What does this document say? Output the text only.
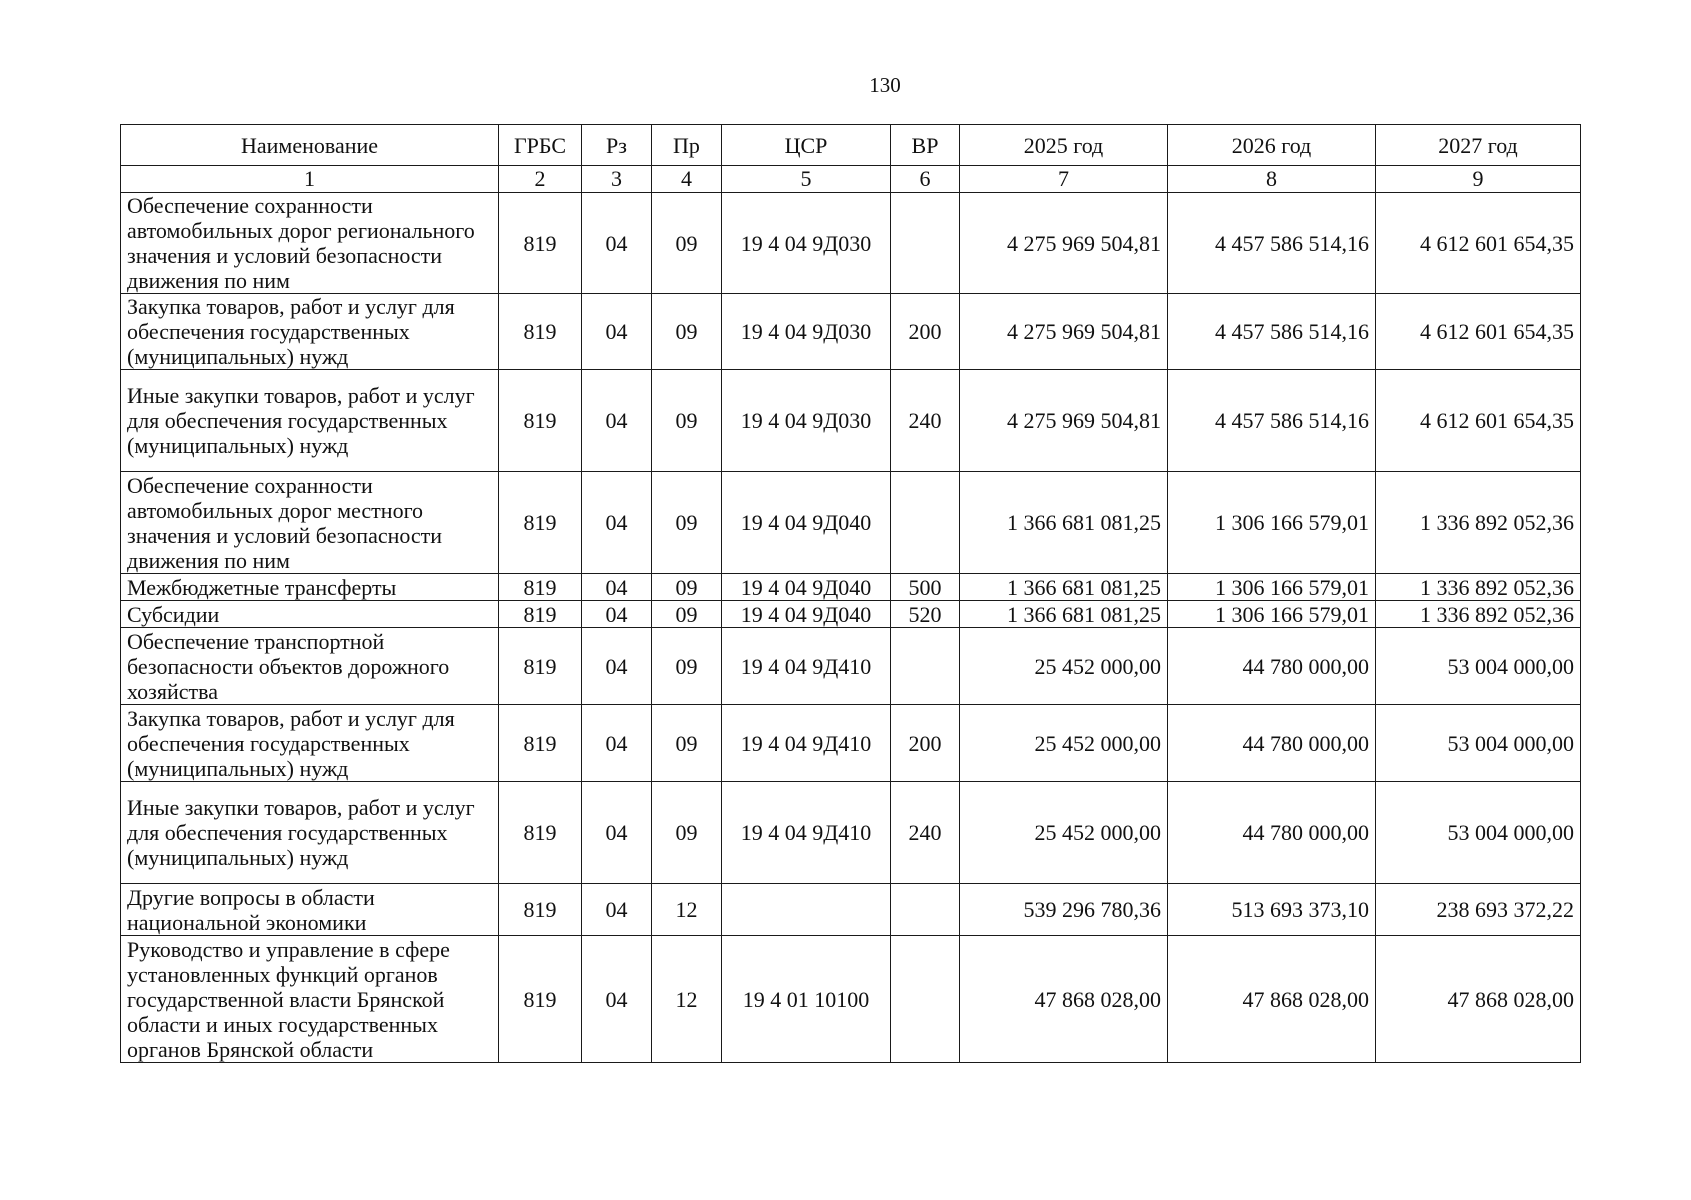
130
Наименование	ГРБС	Рз	Пр	ЦСР	ВР	2025 год	2026 год	2027 год
1	2	3	4	5	6	7	8	9
Обеспечение сохранности автомобильных дорог регионального значения и условий безопасности движения по ним	819	04	09	19 4 04 9Д030		4 275 969 504,81	4 457 586 514,16	4 612 601 654,35
Закупка товаров, работ и услуг для обеспечения государственных (муниципальных) нужд	819	04	09	19 4 04 9Д030	200	4 275 969 504,81	4 457 586 514,16	4 612 601 654,35
Иные закупки товаров, работ и услуг для обеспечения государственных (муниципальных) нужд	819	04	09	19 4 04 9Д030	240	4 275 969 504,81	4 457 586 514,16	4 612 601 654,35
Обеспечение сохранности автомобильных дорог местного значения и условий безопасности движения по ним	819	04	09	19 4 04 9Д040		1 366 681 081,25	1 306 166 579,01	1 336 892 052,36
Межбюджетные трансферты	819	04	09	19 4 04 9Д040	500	1 366 681 081,25	1 306 166 579,01	1 336 892 052,36
Субсидии	819	04	09	19 4 04 9Д040	520	1 366 681 081,25	1 306 166 579,01	1 336 892 052,36
Обеспечение транспортной безопасности объектов дорожного хозяйства	819	04	09	19 4 04 9Д410		25 452 000,00	44 780 000,00	53 004 000,00
Закупка товаров, работ и услуг для обеспечения государственных (муниципальных) нужд	819	04	09	19 4 04 9Д410	200	25 452 000,00	44 780 000,00	53 004 000,00
Иные закупки товаров, работ и услуг для обеспечения государственных (муниципальных) нужд	819	04	09	19 4 04 9Д410	240	25 452 000,00	44 780 000,00	53 004 000,00
Другие вопросы в области национальной экономики	819	04	12			539 296 780,36	513 693 373,10	238 693 372,22
Руководство и управление в сфере установленных функций органов государственной власти Брянской области и иных государственных органов Брянской области	819	04	12	19 4 01 10100		47 868 028,00	47 868 028,00	47 868 028,00
